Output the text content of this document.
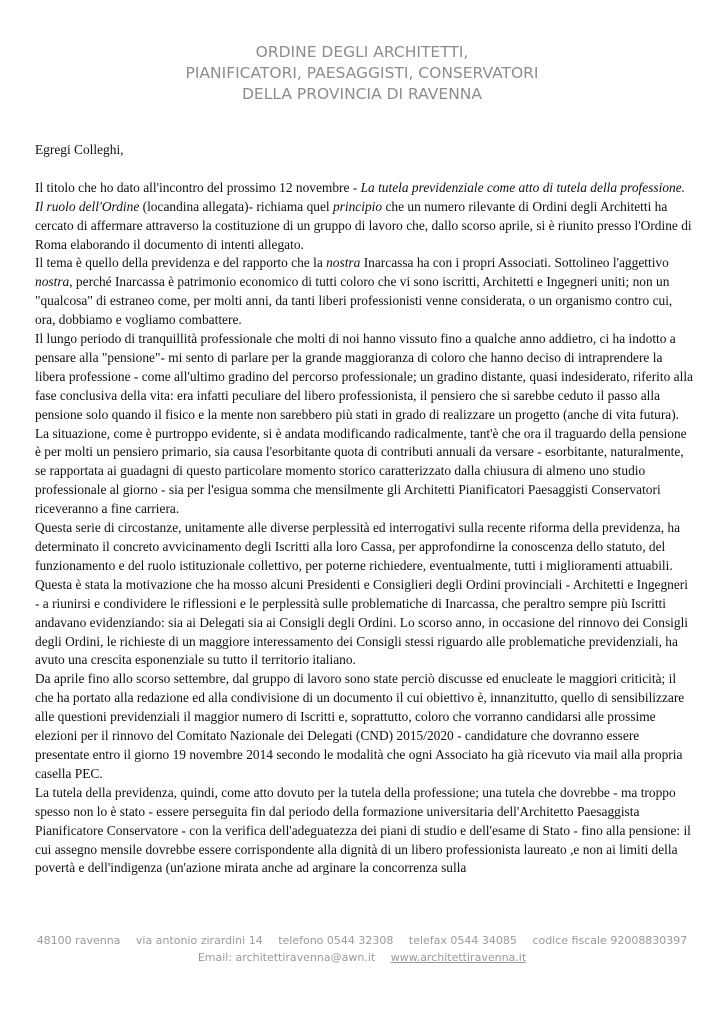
ORDINE DEGLI ARCHITETTI,
PIANIFICATORI, PAESAGGISTI, CONSERVATORI
DELLA PROVINCIA DI RAVENNA

Egregi Colleghi,

Il titolo che ho dato all'incontro del prossimo 12 novembre - La tutela previdenziale come atto di tutela della professione. Il ruolo dell'Ordine (locandina allegata)- richiama quel principio che un numero rilevante di Ordini degli Architetti ha cercato di affermare attraverso la costituzione di un gruppo di lavoro che, dallo scorso aprile, si è riunito presso l'Ordine di Roma elaborando il documento di intenti allegato.

Il tema è quello della previdenza e del rapporto che la nostra Inarcassa ha con i propri Associati. Sottolineo l'aggettivo nostra, perché Inarcassa è patrimonio economico di tutti coloro che vi sono iscritti, Architetti e Ingegneri uniti; non un "qualcosa" di estraneo come, per molti anni, da tanti liberi professionisti venne considerata, o un organismo contro cui, ora, dobbiamo e vogliamo combattere.

Il lungo periodo di tranquillità professionale che molti di noi hanno vissuto fino a qualche anno addietro, ci ha indotto a pensare alla "pensione"- mi sento di parlare per la grande maggioranza di coloro che hanno deciso di intraprendere la libera professione - come all'ultimo gradino del percorso professionale; un gradino distante, quasi indesiderato, riferito alla fase conclusiva della vita: era infatti peculiare del libero professionista, il pensiero che si sarebbe ceduto il passo alla pensione solo quando il fisico e la mente non sarebbero più stati in grado di realizzare un progetto (anche di vita futura).

La situazione, come è purtroppo evidente, si è andata modificando radicalmente, tant'è che ora il traguardo della pensione è per molti un pensiero primario, sia causa l'esorbitante quota di contributi annuali da versare - esorbitante, naturalmente, se rapportata ai guadagni di questo particolare momento storico caratterizzato dalla chiusura di almeno uno studio professionale al giorno - sia per l'esigua somma che mensilmente gli Architetti Pianificatori Paesaggisti Conservatori riceveranno a fine carriera.

Questa serie di circostanze, unitamente alle diverse perplessità ed interrogativi sulla recente riforma della previdenza, ha determinato il concreto avvicinamento degli Iscritti alla loro Cassa, per approfondirne la conoscenza dello statuto, del funzionamento e del ruolo istituzionale collettivo, per poterne richiedere, eventualmente, tutti i miglioramenti attuabili.

Questa è stata la motivazione che ha mosso alcuni Presidenti e Consiglieri degli Ordini provinciali - Architetti e Ingegneri - a riunirsi e condividere le riflessioni e le perplessità sulle problematiche di Inarcassa, che peraltro sempre più Iscritti andavano evidenziando: sia ai Delegati sia ai Consigli degli Ordini. Lo scorso anno, in occasione del rinnovo dei Consigli degli Ordini, le richieste di un maggiore interessamento dei Consigli stessi riguardo alle problematiche previdenziali, ha avuto una crescita esponenziale su tutto il territorio italiano.

Da aprile fino allo scorso settembre, dal gruppo di lavoro sono state perciò discusse ed enucleate le maggiori criticità; il che ha portato alla redazione ed alla condivisione di un documento il cui obiettivo è, innanzitutto, quello di sensibilizzare alle questioni previdenziali il maggior numero di Iscritti e, soprattutto, coloro che vorranno candidarsi alle prossime elezioni per il rinnovo del Comitato Nazionale dei Delegati (CND) 2015/2020 - candidature che dovranno essere presentate entro il giorno 19 novembre 2014 secondo le modalità che ogni Associato ha già ricevuto via mail alla propria casella PEC.

La tutela della previdenza, quindi, come atto dovuto per la tutela della professione; una tutela che dovrebbe - ma troppo spesso non lo è stato - essere perseguita fin dal periodo della formazione universitaria dell'Architetto Paesaggista Pianificatore Conservatore - con la verifica dell'adeguatezza dei piani di studio e dell'esame di Stato - fino alla pensione: il cui assegno mensile dovrebbe essere corrispondente alla dignità di un libero professionista laureato ,e non ai limiti della povertà e dell'indigenza (un'azione mirata anche ad arginare la concorrenza sulla

48100 ravenna via antonio zirardini 14 telefono 0544 32308 telefax 0544 34085 codice fiscale 92008830397
Email: architettiravenna@awn.it www.architettiravenna.it
